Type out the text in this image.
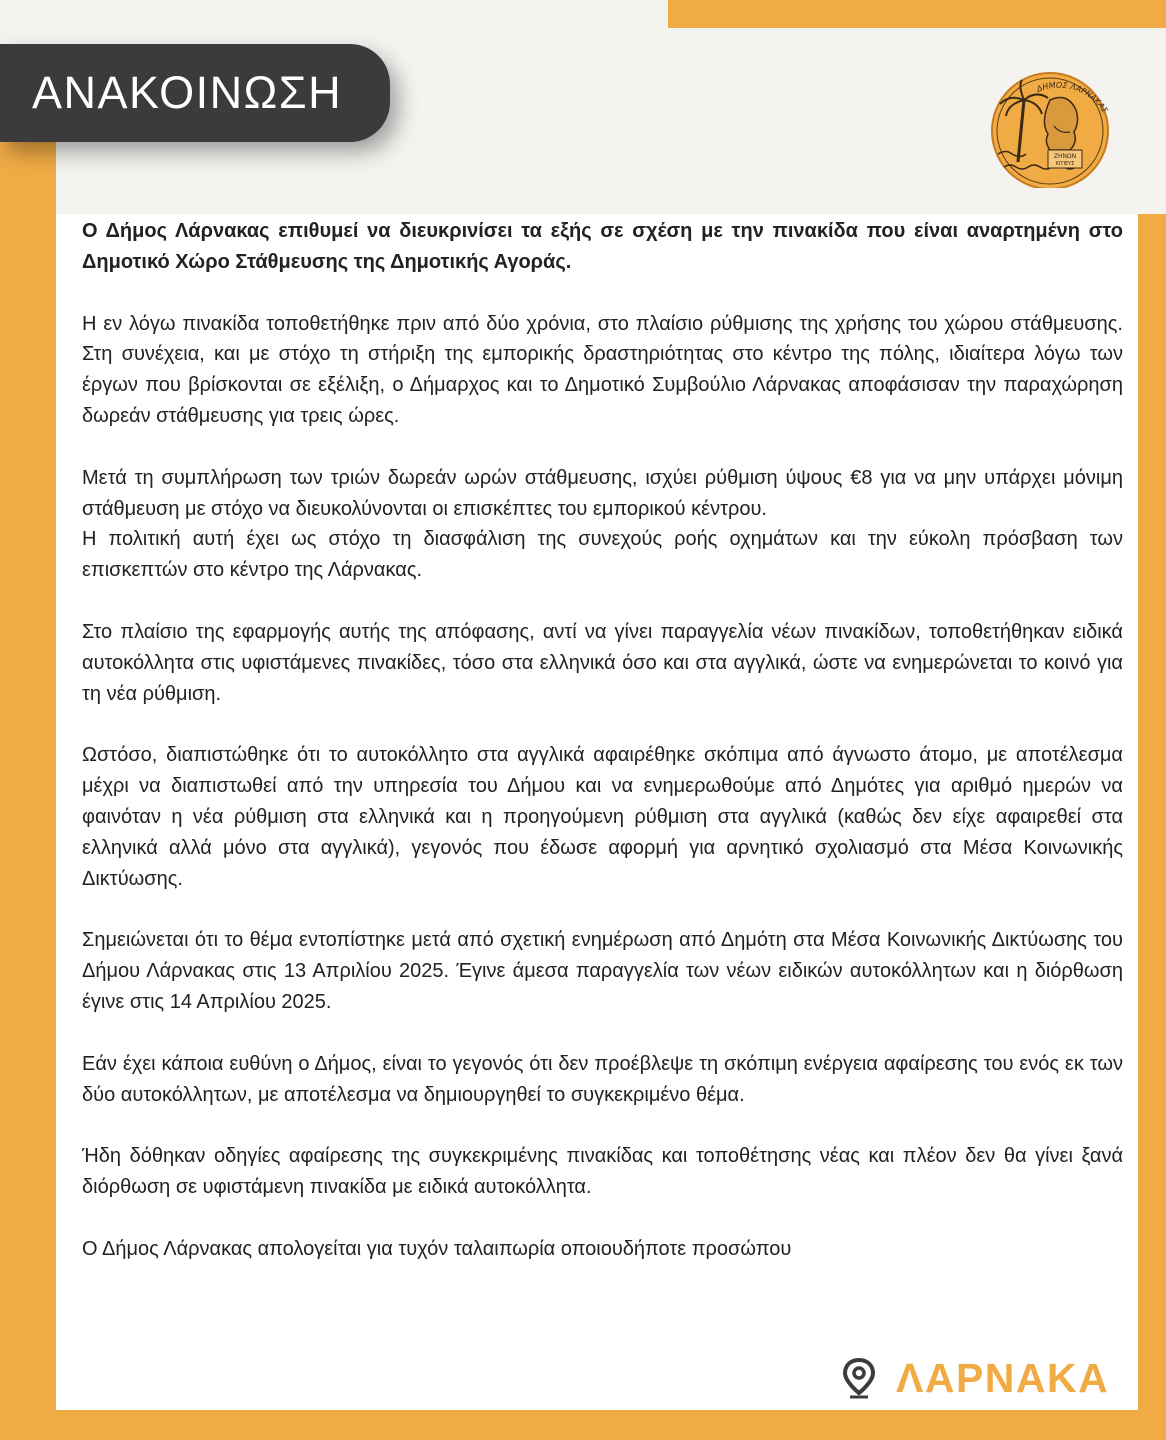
ΑΝΑΚΟΙΝΩΣΗ
ΖΗΝΩΝ
ΚΙΤΙΕΥΣ
ΔΗΜΟΣ ΛΑΡΝΑΚΑΣ

Ο Δήμος Λάρνακας επιθυμεί να διευκρινίσει τα εξής σε σχέση με την πινακίδα που είναι αναρτημένη στο Δημοτικό Χώρο Στάθμευσης της Δημοτικής Αγοράς.

Η εν λόγω πινακίδα τοποθετήθηκε πριν από δύο χρόνια, στο πλαίσιο ρύθμισης της χρήσης του χώρου στάθμευσης. Στη συνέχεια, και με στόχο τη στήριξη της εμπορικής δραστηριότητας στο κέντρο της πόλης, ιδιαίτερα λόγω των έργων που βρίσκονται σε εξέλιξη, ο Δήμαρχος και το Δημοτικό Συμβούλιο Λάρνακας αποφάσισαν την παραχώρηση δωρεάν στάθμευσης για τρεις ώρες.

Μετά τη συμπλήρωση των τριών δωρεάν ωρών στάθμευσης, ισχύει ρύθμιση ύψους €8 για να μην υπάρχει μόνιμη στάθμευση με στόχο να διευκολύνονται οι επισκέπτες του εμπορικού κέντρου.

Η πολιτική αυτή έχει ως στόχο τη διασφάλιση της συνεχούς ροής οχημάτων και την εύκολη πρόσβαση των επισκεπτών στο κέντρο της Λάρνακας.

Στο πλαίσιο της εφαρμογής αυτής της απόφασης, αντί να γίνει παραγγελία νέων πινακίδων, τοποθετήθηκαν ειδικά αυτοκόλλητα στις υφιστάμενες πινακίδες, τόσο στα ελληνικά όσο και στα αγγλικά, ώστε να ενημερώνεται το κοινό για τη νέα ρύθμιση.

Ωστόσο, διαπιστώθηκε ότι το αυτοκόλλητο στα αγγλικά αφαιρέθηκε σκόπιμα από άγνωστο άτομο, με αποτέλεσμα μέχρι να διαπιστωθεί από την υπηρεσία του Δήμου και να ενημερωθούμε από Δημότες για αριθμό ημερών να φαινόταν η νέα ρύθμιση στα ελληνικά και η προηγούμενη ρύθμιση στα αγγλικά (καθώς δεν είχε αφαιρεθεί στα ελληνικά αλλά μόνο στα αγγλικά), γεγονός που έδωσε αφορμή για αρνητικό σχολιασμό στα Μέσα Κοινωνικής Δικτύωσης.

Σημειώνεται ότι το θέμα εντοπίστηκε μετά από σχετική ενημέρωση από Δημότη στα Μέσα Κοινωνικής Δικτύωσης του Δήμου Λάρνακας στις 13 Απριλίου 2025. Έγινε άμεσα παραγγελία των νέων ειδικών αυτοκόλλητων και η διόρθωση έγινε στις 14 Απριλίου 2025.

Εάν έχει κάποια ευθύνη ο Δήμος, είναι το γεγονός ότι δεν προέβλεψε τη σκόπιμη ενέργεια αφαίρεσης του ενός εκ των δύο αυτοκόλλητων, με αποτέλεσμα να δημιουργηθεί το συγκεκριμένο θέμα.

Ήδη δόθηκαν οδηγίες αφαίρεσης της συγκεκριμένης πινακίδας και τοποθέτησης νέας και πλέον δεν θα γίνει ξανά διόρθωση σε υφιστάμενη πινακίδα με ειδικά αυτοκόλλητα.

Ο Δήμος Λάρνακας απολογείται για τυχόν ταλαιπωρία οποιουδήποτε προσώπου

ΛΑΡΝΑΚΑ
